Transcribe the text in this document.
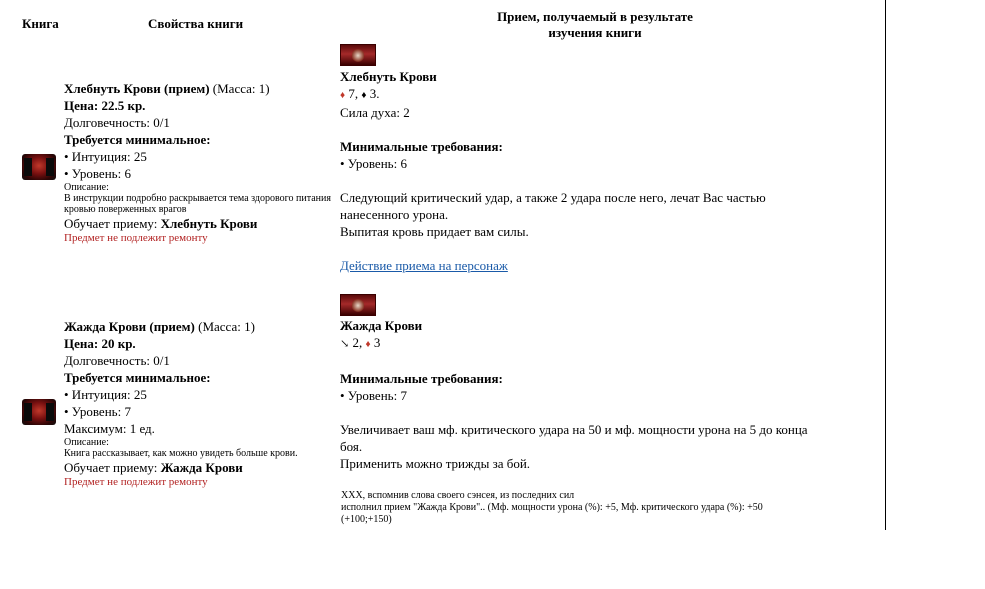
Книга	Свойства книги	Прием, получаемый в результате изучения книги
Хлебнуть Крови (прием) (Масса: 1)
Цена: 22.5 кр.
Долговечность: 0/1
Требуется минимальное:
• Интуиция: 25
• Уровень: 6
Описание:
В инструкции подробно раскрывается тема здорового питания кровью поверженных врагов
Обучает приему: Хлебнуть Крови
Предмет не подлежит ремонту
Жажда Крови (прием) (Масса: 1)
Цена: 20 кр.
Долговечность: 0/1
Требуется минимальное:
• Интуиция: 25
• Уровень: 7
Максимум: 1 ед.
Описание:
Книга рассказывает, как можно увидеть больше крови.
Обучает приему: Жажда Крови
Предмет не подлежит ремонту
Хлебнуть Крови
♦ 7, ♦ 3.
Сила духа: 2
Минимальные требования:
• Уровень: 6
Следующий критический удар, а также 2 удара после него, лечат Вас частью нанесенного урона.
Выпитая кровь придает вам силы.
Действие приема на персонаж
Жажда Крови
↘ 2, ♦ 3
Минимальные требования:
• Уровень: 7
Увеличивает ваш мф. критического удара на 50 и мф. мощности урона на 5 до конца боя.
Применить можно трижды за бой.
XXX, вспомнив слова своего сэнсея, из последних сил
исполнил прием "Жажда Крови".. (Мф. мощности урона (%): +5, Мф. критического удара (%): +50
(+100;+150)
